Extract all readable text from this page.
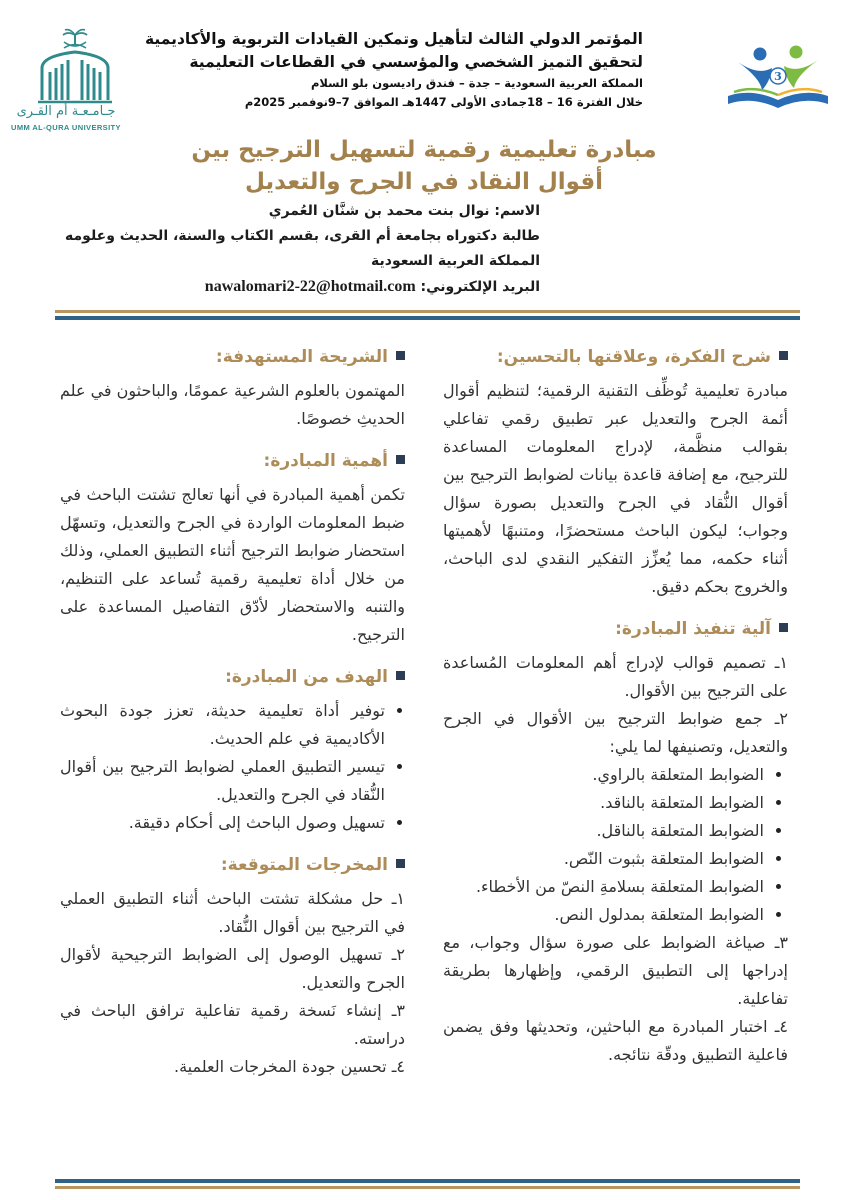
جـامـعـة أم القـرى
UMM AL-QURA UNIVERSITY
3
المؤتمر الدولي الثالث لتأهيل وتمكين القيادات التربوية والأكاديمية
لتحقيق التميز الشخصي والمؤسسي في القطاعات التعليمية
المملكة العربية السعودية – جدة – فندق راديسون بلو السلام
خلال الفترة 16 – 18جمادى الأولى 1447هـ الموافق 7–9نوفمبر 2025م
مبادرة تعليمية رقمية لتسهيل الترجيح بين
أقوال النقاد في الجرح والتعديل
الاسم: نوال بنت محمد بن شنَّان العُمري
طالبة دكتوراه بجامعة أم القرى، بقسم الكتاب والسنة، الحديث وعلومه
المملكة العربية السعودية
البريد الإلكتروني: nawalomari2-22@hotmail.com
شرح الفكرة، وعلاقتها بالتحسين:

مبادرة تعليمية تُوظِّف التقنية الرقمية؛ لتنظيم أقوال أئمة الجرح والتعديل عبر تطبيق رقمي تفاعلي بقوالب منظَّمة، لإدراج المعلومات المساعدة للترجيح، مع إضافة قاعدة بيانات لضوابط الترجيح بين أقوال النُّقاد في الجرح والتعديل بصورة سؤال وجواب؛ ليكون الباحث مستحضرًا، ومتنبهًا لأهميتها أثناء حكمه، مما يُعزِّز التفكير النقدي لدى الباحث، والخروج بحكم دقيق.

آلية تنفيذ المبادرة:

١ـ تصميم قوالب لإدراج أهم المعلومات المُساعدة على الترجيح بين الأقوال.

٢ـ جمع ضوابط الترجيح بين الأقوال في الجرح والتعديل، وتصنيفها لما يلي:

• الضوابط المتعلقة بالراوي.
• الضوابط المتعلقة بالناقد.
• الضوابط المتعلقة بالناقل.
• الضوابط المتعلقة بثبوت النّص.
• الضوابط المتعلقة بسلامةِ النصّ من الأخطاء.
• الضوابط المتعلقة بمدلول النص.

٣ـ صياغة الضوابط على صورة سؤال وجواب، مع إدراجها إلى التطبيق الرقمي، وإظهارها بطريقة تفاعلية.

٤ـ اختبار المبادرة مع الباحثين، وتحديثها وفق يضمن فاعلية التطبيق ودقّة نتائجه.

الشريحة المستهدفة:

المهتمون بالعلوم الشرعية عمومًا، والباحثون في علم الحديثِ خصوصًا.

أهمية المبادرة:

تكمن أهمية المبادرة في أنها تعالج تشتت الباحث في ضبط المعلومات الواردة في الجرح والتعديل، وتسهّل استحضار ضوابط الترجيح أثناء التطبيق العملي، وذلك من خلال أداة تعليمية رقمية تُساعد على التنظيم، والتنبه والاستحضار لأدّق التفاصيل المساعدة على الترجيح.

الهدف من المبادرة:
• توفير أداة تعليمية حديثة، تعزز جودة البحوث الأكاديمية في علم الحديث.
• تيسير التطبيق العملي لضوابط الترجيح بين أقوال النُّقاد في الجرح والتعديل.
• تسهيل وصول الباحث إلى أحكام دقيقة.
المخرجات المتوقعة:

١ـ حل مشكلة تشتت الباحث أثناء التطبيق العملي في الترجيح بين أقوال النُّقاد.

٢ـ تسهيل الوصول إلى الضوابط الترجيحية لأقوال الجرح والتعديل.

٣ـ إنشاء نَسخة رقمية تفاعلية ترافق الباحث في دراسته.

٤ـ تحسين جودة المخرجات العلمية.
